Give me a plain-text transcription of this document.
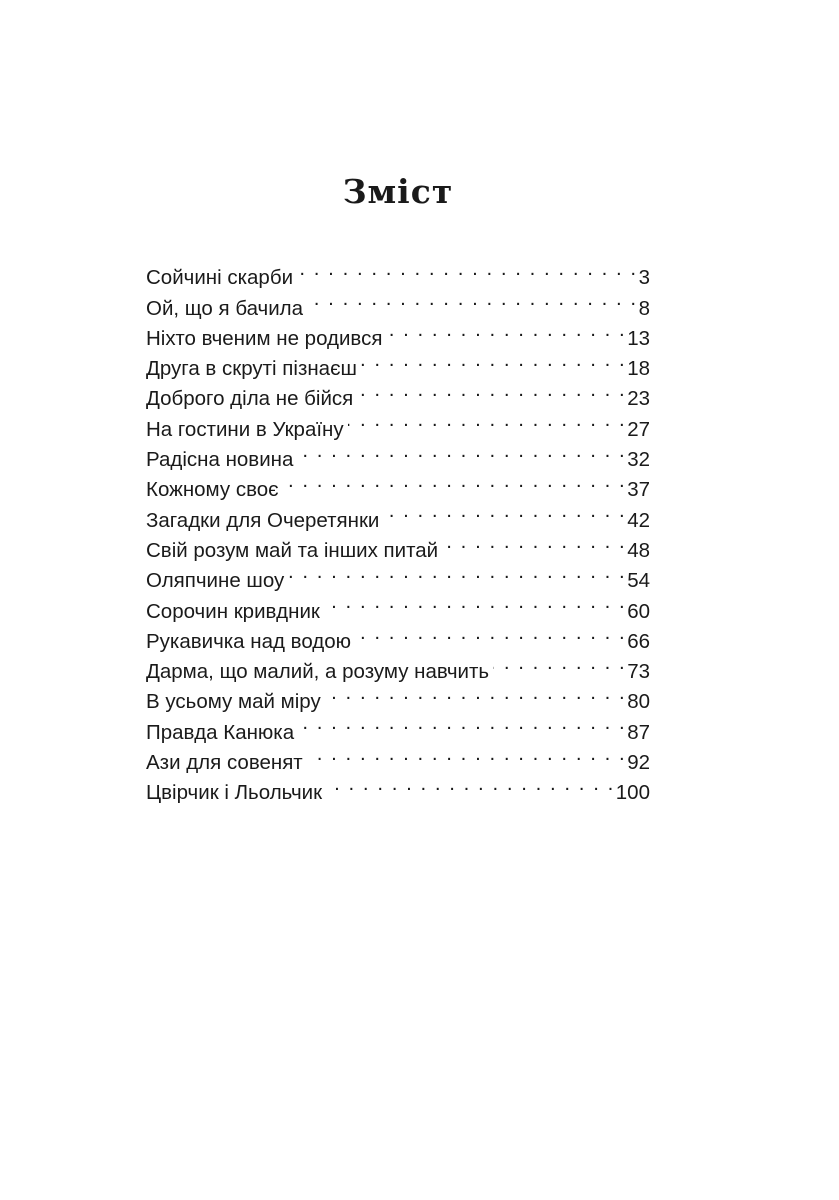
Зміст
Сойчині скарби . . .	3
Ой, що я бачила . . .	8
Ніхто вченим не родився . . .	13
Друга в скруті пізнаєш . . .	18
Доброго діла не бійся . . .	23
На гостини в Україну . . .	27
Радісна новина . . .	32
Кожному своє . . .	37
Загадки для Очеретянки . . .	42
Свій розум май та інших питай . . .	48
Оляпчине шоу . . .	54
Сорочин кривдник . . .	60
Рукавичка над водою . . .	66
Дарма, що малий, а розуму навчить . . .	73
В усьому май міру . . .	80
Правда Канюка . . .	87
Ази для совенят . . .	92
Цвірчик і Льольчик . . .	100
